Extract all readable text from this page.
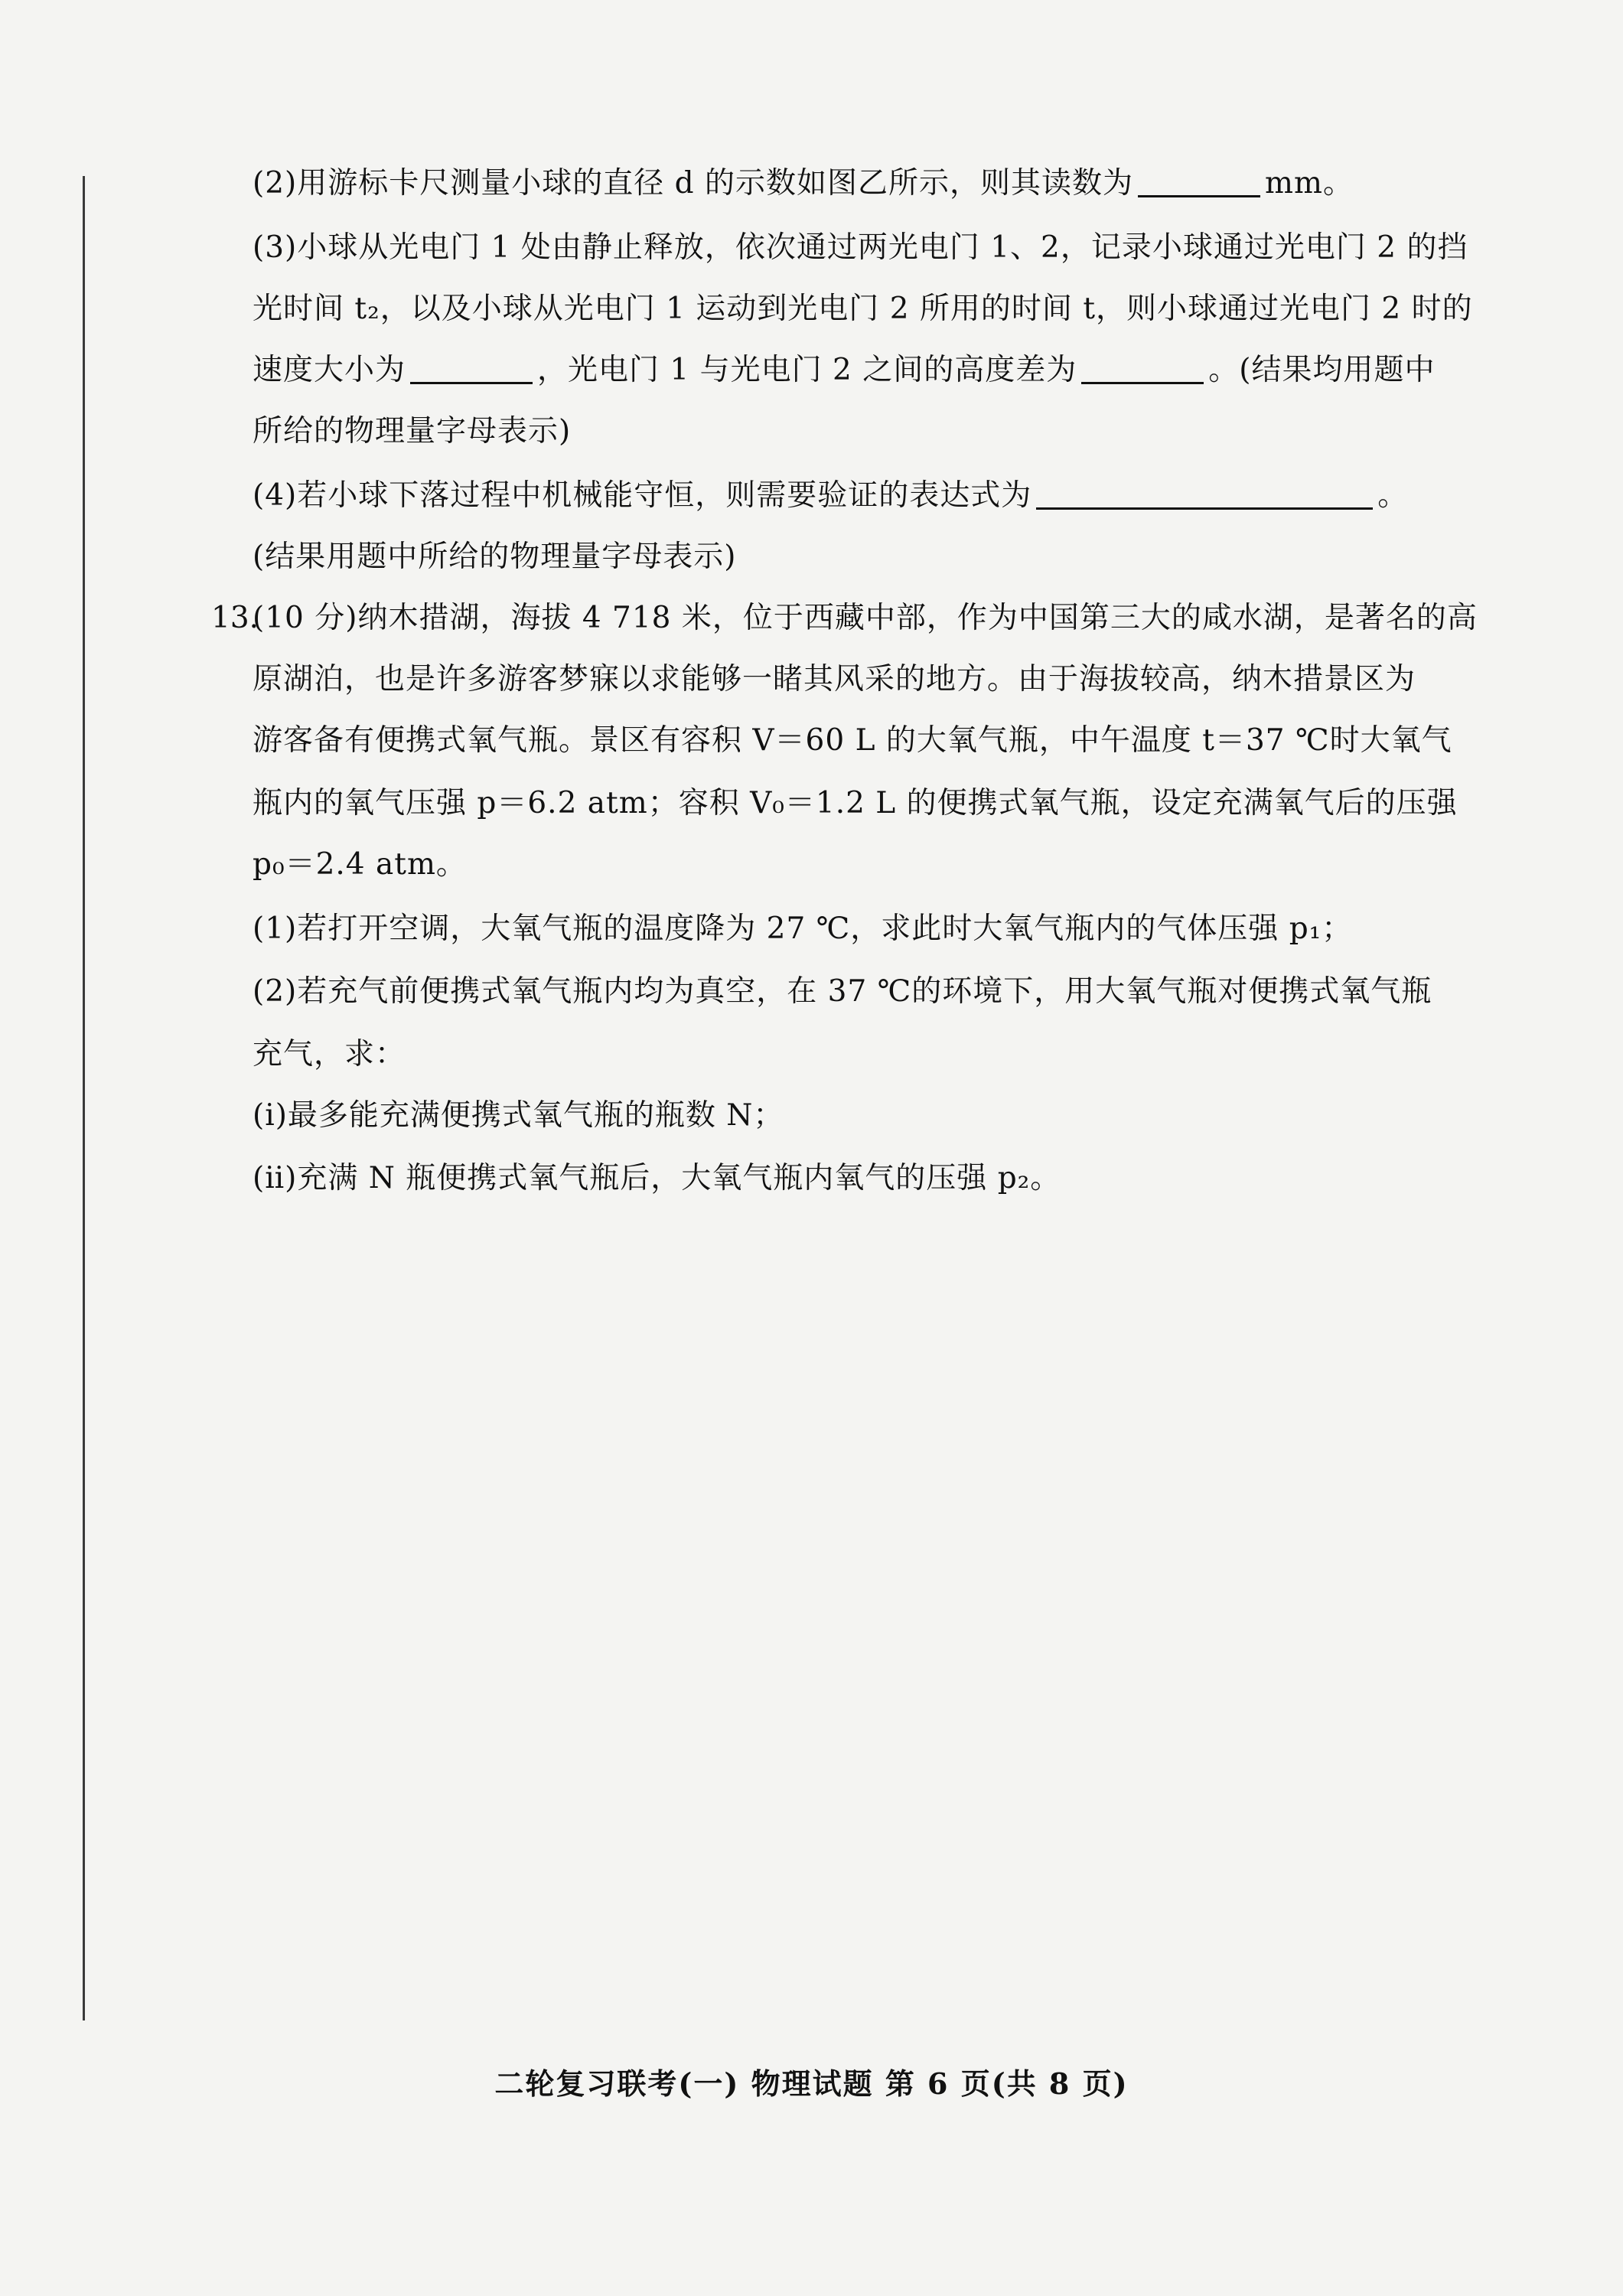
(2)用游标卡尺测量小球的直径 d 的示数如图乙所示，则其读数为	mm。
(3)小球从光电门 1 处由静止释放，依次通过两光电门 1、2，记录小球通过光电门 2 的挡
光时间 t₂，以及小球从光电门 1 运动到光电门 2 所用的时间 t，则小球通过光电门 2 时的
速度大小为	，光电门 1 与光电门 2 之间的高度差为	。(结果均用题中
所给的物理量字母表示)
(4)若小球下落过程中机械能守恒，则需要验证的表达式为	。
(结果用题中所给的物理量字母表示)
13.
(10 分)纳木措湖，海拔 4 718 米，位于西藏中部，作为中国第三大的咸水湖，是著名的高
原湖泊，也是许多游客梦寐以求能够一睹其风采的地方。由于海拔较高，纳木措景区为
游客备有便携式氧气瓶。景区有容积 V＝60 L 的大氧气瓶，中午温度 t＝37 ℃时大氧气
瓶内的氧气压强 p＝6.2 atm；容积 V₀＝1.2 L 的便携式氧气瓶，设定充满氧气后的压强
p₀＝2.4 atm。
(1)若打开空调，大氧气瓶的温度降为 27 ℃，求此时大氧气瓶内的气体压强 p₁；
(2)若充气前便携式氧气瓶内均为真空，在 37 ℃的环境下，用大氧气瓶对便携式氧气瓶
充气，求：
(ⅰ)最多能充满便携式氧气瓶的瓶数 N；
(ⅱ)充满 N 瓶便携式氧气瓶后，大氧气瓶内氧气的压强 p₂。
二轮复习联考(一) 物理试题 第 6 页(共 8 页)
